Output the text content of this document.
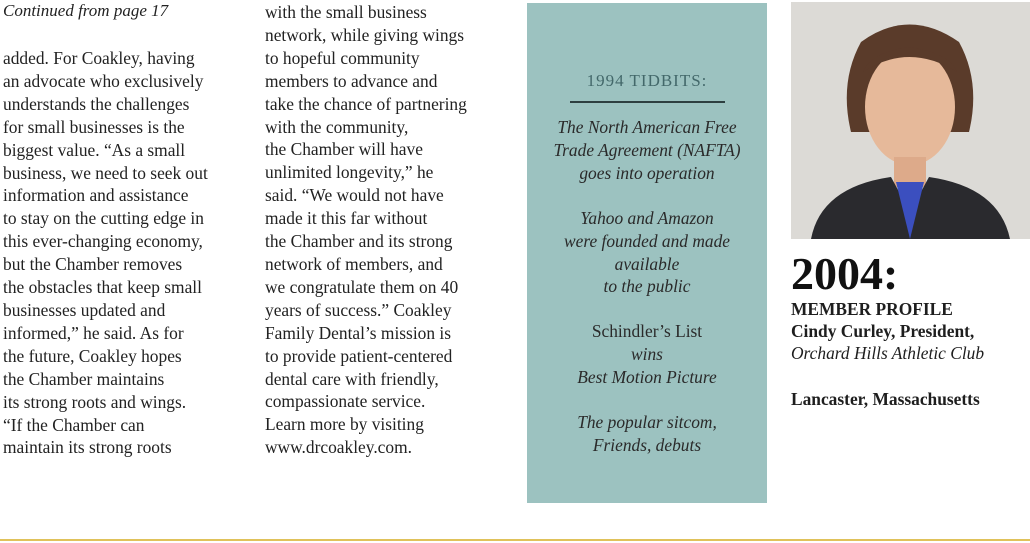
Continued from page 17
added. For Coakley, having
an advocate who exclusively
understands the challenges
for small businesses is the
biggest value. “As a small
business, we need to seek out
information and assistance
to stay on the cutting edge in
this ever-changing economy,
but the Chamber removes
the obstacles that keep small
businesses updated and
informed,” he said. As for
the future, Coakley hopes
the Chamber maintains
its strong roots and wings.
“If the Chamber can
maintain its strong roots
with the small business
network, while giving wings
to hopeful community
members to advance and
take the chance of partnering
with the community,
the Chamber will have
unlimited longevity,” he
said. “We would not have
made it this far without
the Chamber and its strong
network of members, and
we congratulate them on 40
years of success.” Coakley
Family Dental’s mission is
to provide patient-centered
dental care with friendly,
compassionate service.
Learn more by visiting
www.drcoakley.com.
1994 TIDBITS:
The North American Free
Trade Agreement (NAFTA)
goes into operation
Yahoo and Amazon
were founded and made
available
to the public
Schindler’s List
wins
Best Motion Picture
The popular sitcom,
Friends, debuts
2004:
MEMBER PROFILE
Cindy Curley, President,
Orchard Hills Athletic Club
Lancaster, Massachusetts
